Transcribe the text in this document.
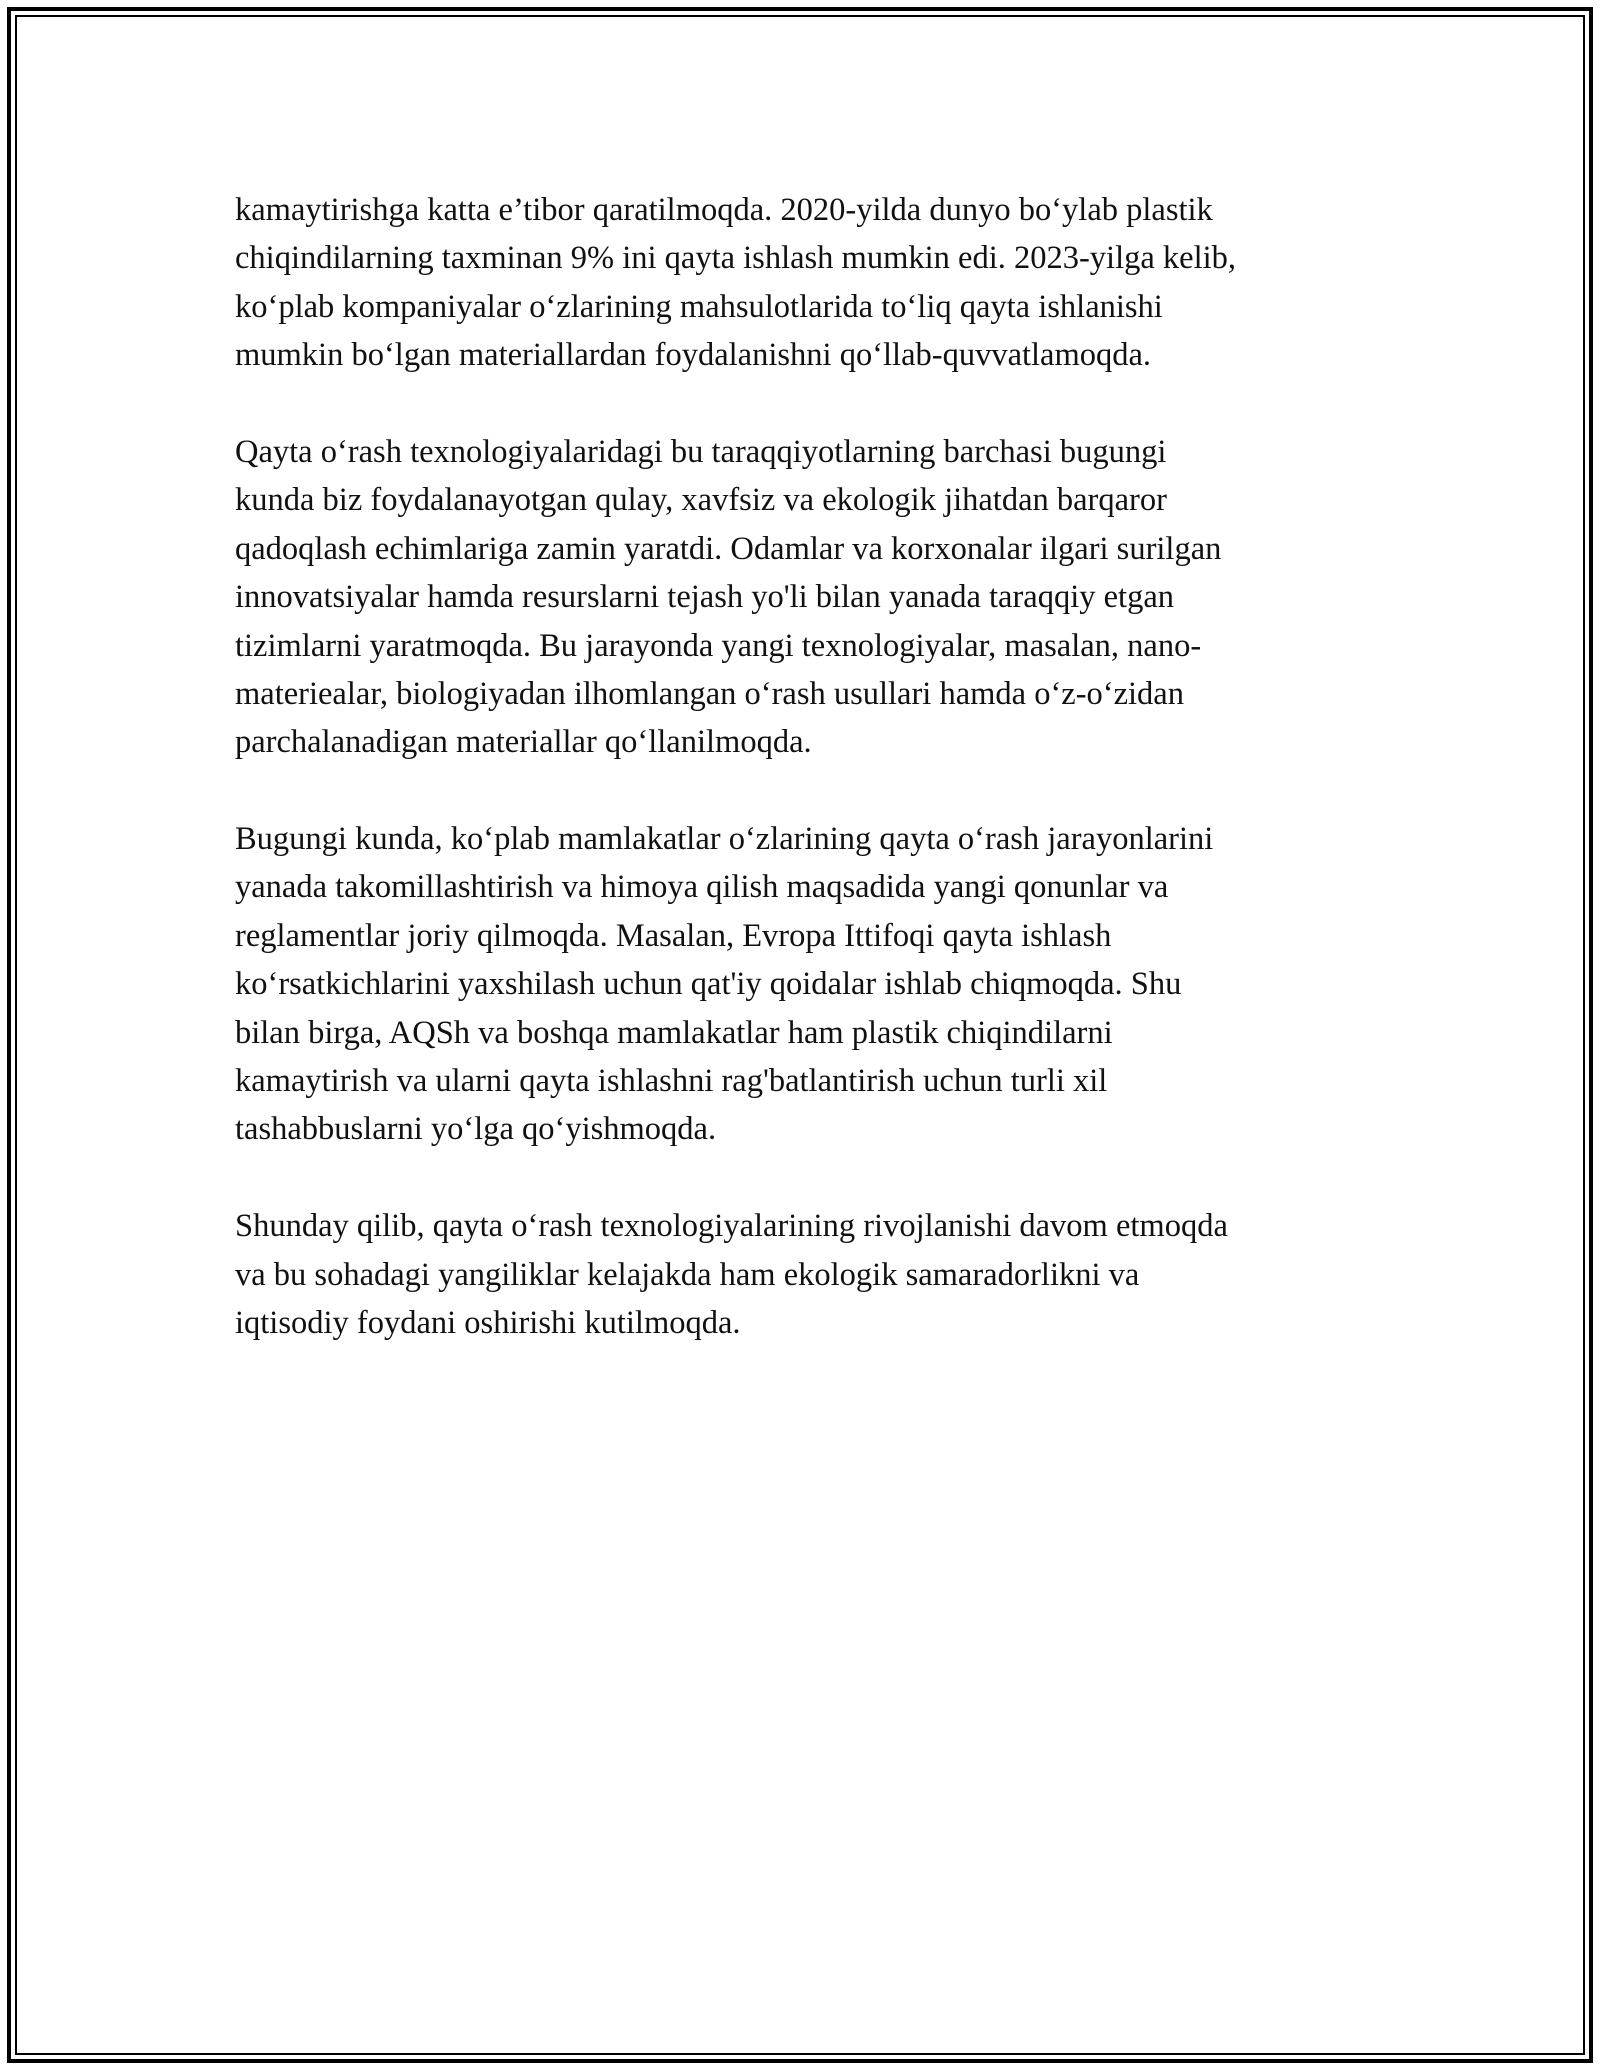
kamaytirishga katta e’tibor qaratilmoqda. 2020-yilda dunyo boʻylab plastik
chiqindilarning taxminan 9% ini qayta ishlash mumkin edi. 2023-yilga kelib,
koʻplab kompaniyalar oʻzlarining mahsulotlarida toʻliq qayta ishlanishi
mumkin boʻlgan materiallardan foydalanishni qoʻllab-quvvatlamoqda.

Qayta oʻrash texnologiyalaridagi bu taraqqiyotlarning barchasi bugungi
kunda biz foydalanayotgan qulay, xavfsiz va ekologik jihatdan barqaror
qadoqlash echimlariga zamin yaratdi. Odamlar va korxonalar ilgari surilgan
innovatsiyalar hamda resurslarni tejash yo'li bilan yanada taraqqiy etgan
tizimlarni yaratmoqda. Bu jarayonda yangi texnologiyalar, masalan, nano-
materiealar, biologiyadan ilhomlangan oʻrash usullari hamda oʻz-oʻzidan
parchalanadigan materiallar qoʻllanilmoqda.

Bugungi kunda, koʻplab mamlakatlar oʻzlarining qayta oʻrash jarayonlarini
yanada takomillashtirish va himoya qilish maqsadida yangi qonunlar va
reglamentlar joriy qilmoqda. Masalan, Evropa Ittifoqi qayta ishlash
koʻrsatkichlarini yaxshilash uchun qat'iy qoidalar ishlab chiqmoqda. Shu
bilan birga, AQSh va boshqa mamlakatlar ham plastik chiqindilarni
kamaytirish va ularni qayta ishlashni rag'batlantirish uchun turli xil
tashabbuslarni yoʻlga qoʻyishmoqda.

Shunday qilib, qayta oʻrash texnologiyalarining rivojlanishi davom etmoqda
va bu sohadagi yangiliklar kelajakda ham ekologik samaradorlikni va
iqtisodiy foydani oshirishi kutilmoqda.
